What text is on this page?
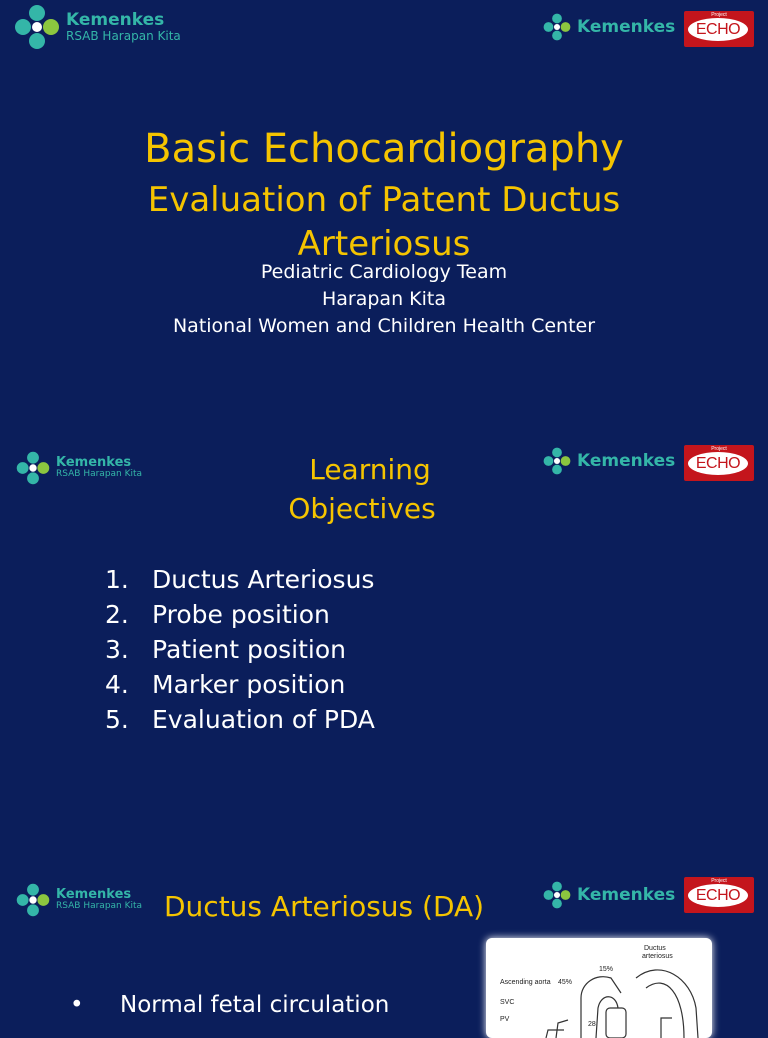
Kemenkes
RSAB Harapan Kita	Kemenkes
Project
ECHO
Basic Echocardiography
Evaluation of Patent Ductus Arteriosus
Pediatric Cardiology Team
Harapan Kita
National Women and Children Health Center
Kemenkes
RSAB Harapan Kita
Kemenkes
Project
ECHO
Learning
Objectives
1. Ductus Arteriosus
2. Probe position
3. Patient position
4. Marker position
5. Evaluation of PDA
Kemenkes
RSAB Harapan Kita
Kemenkes
Project
ECHO
Ductus Arteriosus (DA)
Ductus
arteriosus
Ascending aorta 45%
15%
SVC
PV
28
•	Normal fetal circulation
